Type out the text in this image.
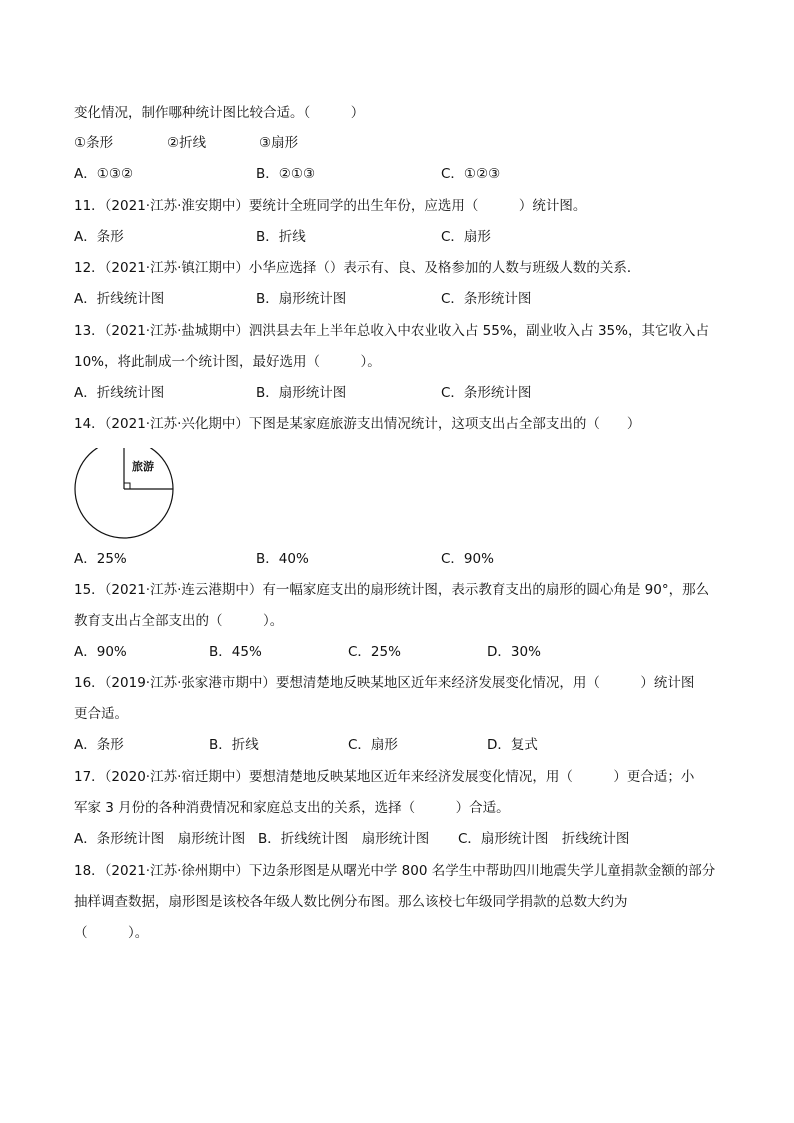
变化情况，制作哪种统计图比较合适。（　　　）
①条形	②折线	③扇形
A．①③②	B．②①③	C．①②③
11．（2021·江苏·淮安期中）要统计全班同学的出生年份，应选用（　　　）统计图。
A．条形	B．折线	C．扇形
12．（2021·江苏·镇江期中）小华应选择（）表示有、良、及格参加的人数与班级人数的关系．
A．折线统计图	B．扇形统计图	C．条形统计图
13．（2021·江苏·盐城期中）泗洪县去年上半年总收入中农业收入占 55%，副业收入占 35%，其它收入占
10%，将此制成一个统计图，最好选用（　　　）。
A．折线统计图	B．扇形统计图	C．条形统计图
14．（2021·江苏·兴化期中）下图是某家庭旅游支出情况统计，这项支出占全部支出的（　　）
旅游
A．25%	B．40%	C．90%
15．（2021·江苏·连云港期中）有一幅家庭支出的扇形统计图，表示教育支出的扇形的圆心角是 90°，那么
教育支出占全部支出的（　　　）。
A．90%	B．45%	C．25%	D．30%
16．（2019·江苏·张家港市期中）要想清楚地反映某地区近年来经济发展变化情况，用（　　　）统计图
更合适。
A．条形	B．折线	C．扇形	D．复式
17．（2020·江苏·宿迁期中）要想清楚地反映某地区近年来经济发展变化情况，用（　　　）更合适；小
军家 3 月份的各种消费情况和家庭总支出的关系，选择（　　　）合适。
A．条形统计图　扇形统计图 B．折线统计图　扇形统计图 C．扇形统计图　折线统计图
18．（2021·江苏·徐州期中）下边条形图是从曙光中学 800 名学生中帮助四川地震失学儿童捐款金额的部分
抽样调查数据，扇形图是该校各年级人数比例分布图。那么该校七年级同学捐款的总数大约为
（　　　）。
